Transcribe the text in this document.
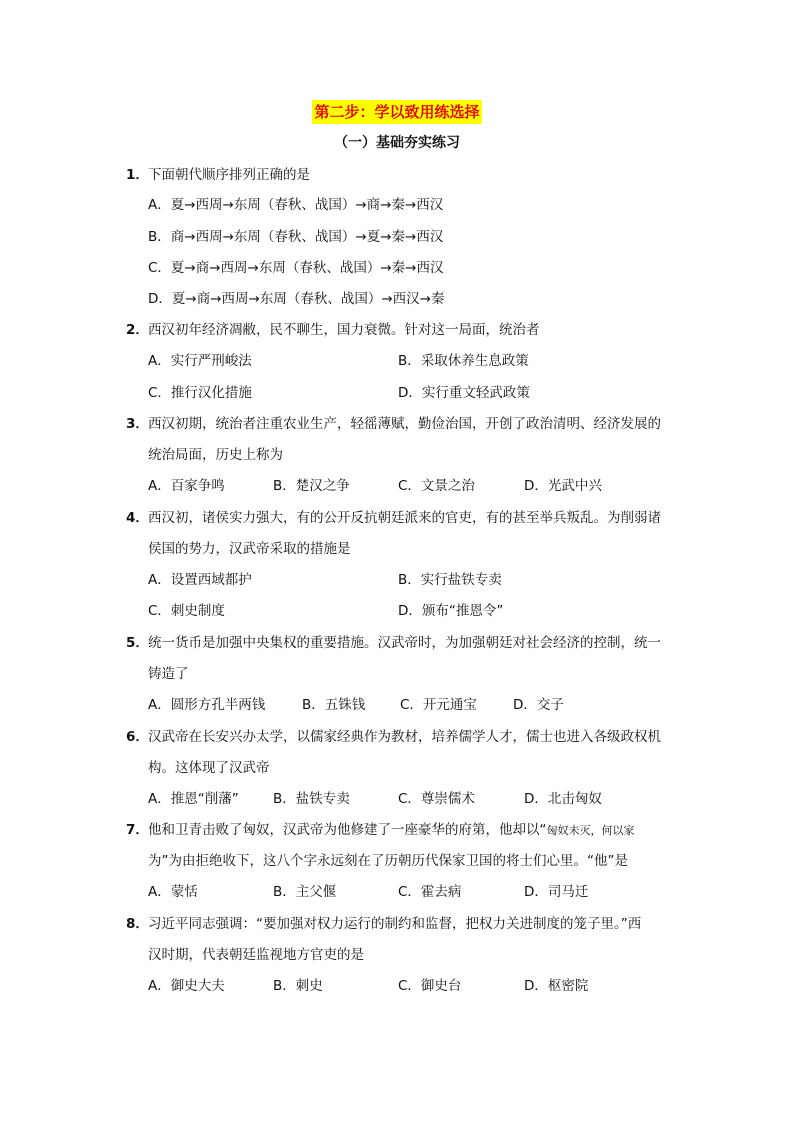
第二步：学以致用练选择
（一）基础夯实练习
1． 下面朝代顺序排列正确的是
A．夏→西周→东周（春秋、战国）→商→秦→西汉
B．商→西周→东周（春秋、战国）→夏→秦→西汉
C．夏→商→西周→东周（春秋、战国）→秦→西汉
D．夏→商→西周→东周（春秋、战国）→西汉→秦
2． 西汉初年经济凋敝，民不聊生，国力衰微。针对这一局面，统治者
A．实行严刑峻法	B．采取休养生息政策
C．推行汉化措施	D．实行重文轻武政策
3． 西汉初期，统治者注重农业生产，轻徭薄赋，勤俭治国，开创了政治清明、经济发展的
统治局面，历史上称为
A．百家争鸣	B．楚汉之争	C．文景之治	D．光武中兴
4． 西汉初，诸侯实力强大，有的公开反抗朝廷派来的官吏，有的甚至举兵叛乱。为削弱诸
侯国的势力，汉武帝采取的措施是
A．设置西域都护	B．实行盐铁专卖
C．刺史制度	D．颁布“推恩令”
5． 统一货币是加强中央集权的重要措施。汉武帝时，为加强朝廷对社会经济的控制，统一
铸造了
A．圆形方孔半两钱	B．五铢钱	C．开元通宝	D．交子
6． 汉武帝在长安兴办太学，以儒家经典作为教材，培养儒学人才，儒士也进入各级政权机
构。这体现了汉武帝
A．推恩“削藩”	B．盐铁专卖	C．尊崇儒术	D．北击匈奴
7． 他和卫青击败了匈奴，汉武帝为他修建了一座豪华的府第，他却以“匈奴未灭，何以家
为”为由拒绝收下，这八个字永远刻在了历朝历代保家卫国的将士们心里。“他”是
A．蒙恬	B．主父偃	C．霍去病	D．司马迁
8． 习近平同志强调：“要加强对权力运行的制约和监督，把权力关进制度的笼子里。”西
汉时期，代表朝廷监视地方官吏的是
A．御史大夫	B．刺史	C．御史台	D．枢密院
